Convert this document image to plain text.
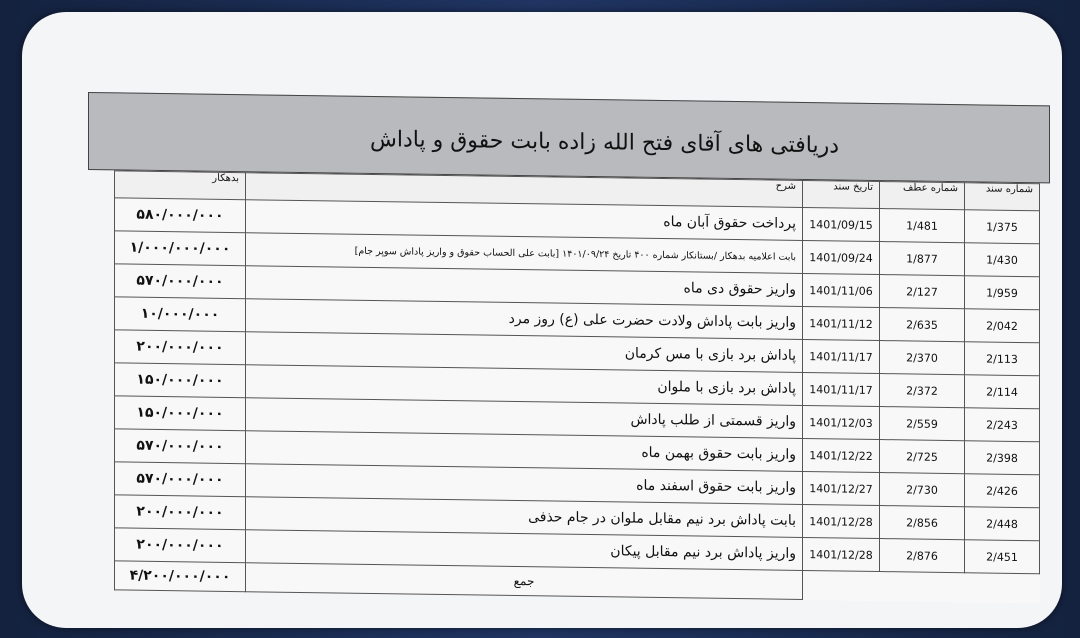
دریافتی های آقای فتح الله زاده بابت حقوق و پاداش
بدهکار	شرح	تاریخ سند	شماره عطف	شماره سند
۵۸۰/۰۰۰/۰۰۰	پرداخت حقوق آبان ماه	1401/09/15	1/481	1/375
۱/۰۰۰/۰۰۰/۰۰۰	بابت اعلامیه بدهکار /بستانکار شماره ۴۰۰ تاریخ ۱۴۰۱/۰۹/۲۴ [بابت علی الحساب حقوق و واریز پاداش سوپر جام]	1401/09/24	1/877	1/430
۵۷۰/۰۰۰/۰۰۰	واریز حقوق دی ماه	1401/11/06	2/127	1/959
۱۰/۰۰۰/۰۰۰	واریز بابت پاداش ولادت حضرت علی (ع) روز مرد	1401/11/12	2/635	2/042
۲۰۰/۰۰۰/۰۰۰	پاداش برد بازی با مس کرمان	1401/11/17	2/370	2/113
۱۵۰/۰۰۰/۰۰۰	پاداش برد بازی با ملوان	1401/11/17	2/372	2/114
۱۵۰/۰۰۰/۰۰۰	واریز قسمتی از طلب پاداش	1401/12/03	2/559	2/243
۵۷۰/۰۰۰/۰۰۰	واریز بابت حقوق بهمن ماه	1401/12/22	2/725	2/398
۵۷۰/۰۰۰/۰۰۰	واریز بابت حقوق اسفند ماه	1401/12/27	2/730	2/426
۲۰۰/۰۰۰/۰۰۰	بابت پاداش برد نیم مقابل ملوان در جام حذفی	1401/12/28	2/856	2/448
۲۰۰/۰۰۰/۰۰۰	واریز پاداش برد نیم مقابل پیکان	1401/12/28	2/876	2/451
۴/۲۰۰/۰۰۰/۰۰۰	جمع			
